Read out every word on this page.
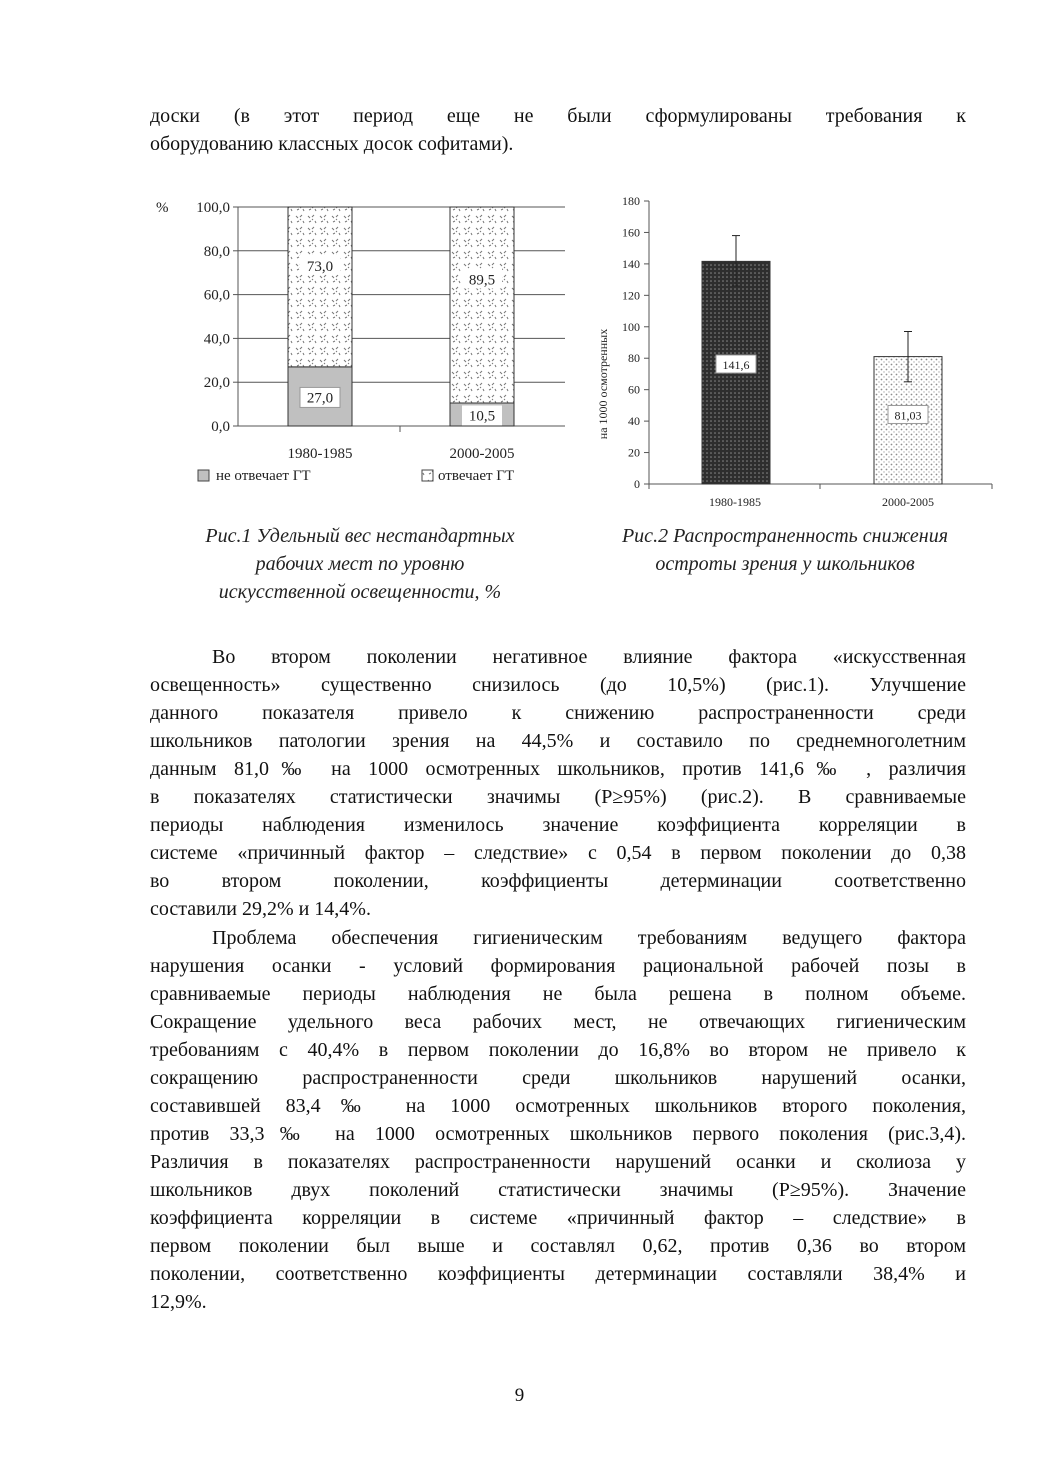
доски (в этот период еще не были сформулированы требования к
оборудованию классных досок софитами).
% 100,0
80,0
60,0
40,0
20,0
0,0
73,0
27,0
89,5
10,5
1980-1985	2000-2005
не отвечает ГТ	отвечает ГТ
Рис.1 Удельный вес нестандартных
рабочих мест по уровню
искусственной освещенности, %
на 1000 осмотренных
0
20
40
60
80
100
120
140
160
180
141,6
81,03
1980-1985	2000-2005
Рис.2 Распространенность снижения
остроты зрения у школьников
Во втором поколении негативное влияние фактора «искусственная
освещенность» существенно снизилось (до 10,5%) (рис.1). Улучшение
данного показателя привело к снижению распространенности среди
школьников патологии зрения на 44,5% и составило по среднемноголетним
данным 81,0‰ на 1000 осмотренных школьников, против 141,6‰ , различия
в показателях статистически значимы (P≥95%) (рис.2). В сравниваемые
периоды наблюдения изменилось значение коэффициента корреляции в
системе «причинный фактор – следствие» с 0,54 в первом поколении до 0,38
во втором поколении, коэффициенты детерминации соответственно
составили 29,2% и 14,4%.
Проблема обеспечения гигиеническим требованиям ведущего фактора
нарушения осанки - условий формирования рациональной рабочей позы в
сравниваемые периоды наблюдения не была решена в полном объеме.
Сокращение удельного веса рабочих мест, не отвечающих гигиеническим
требованиям с 40,4% в первом поколении до 16,8% во втором не привело к
сокращению распространенности среди школьников нарушений осанки,
составившей 83,4‰ на 1000 осмотренных школьников второго поколения,
против 33,3‰ на 1000 осмотренных школьников первого поколения (рис.3,4).
Различия в показателях распространенности нарушений осанки и сколиоза у
школьников двух поколений статистически значимы (P≥95%). Значение
коэффициента корреляции в системе «причинный фактор – следствие» в
первом поколении был выше и составлял 0,62, против 0,36 во втором
поколении, соответственно коэффициенты детерминации составляли 38,4% и
12,9%.
9
